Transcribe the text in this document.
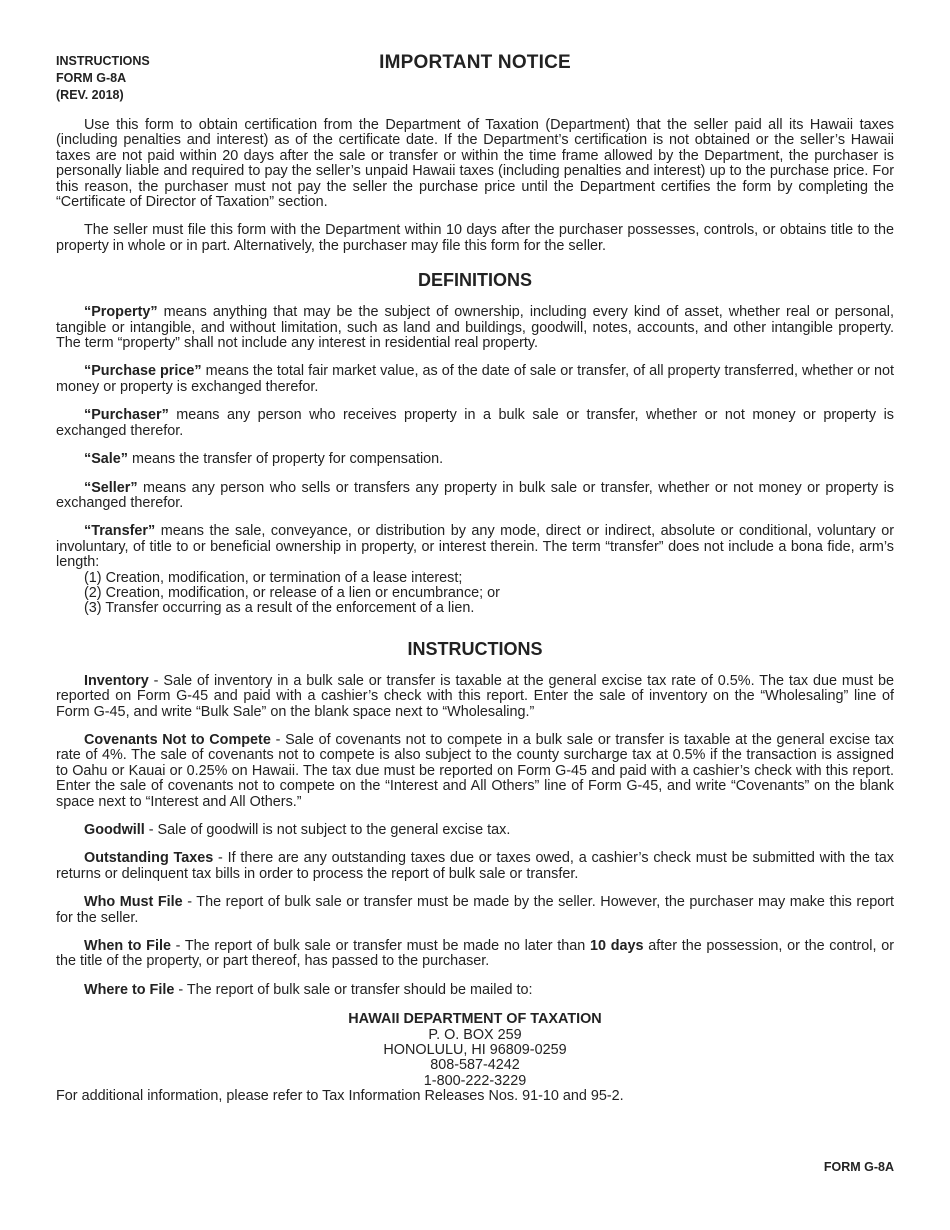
INSTRUCTIONS
FORM G-8A
(REV. 2018)
IMPORTANT NOTICE

Use this form to obtain certification from the Department of Taxation (Department) that the seller paid all its Hawaii taxes (including penalties and interest) as of the certificate date. If the Department’s certification is not obtained or the seller’s Hawaii taxes are not paid within 20 days after the sale or transfer or within the time frame allowed by the Department, the purchaser is personally liable and required to pay the seller’s unpaid Hawaii taxes (including penalties and interest) up to the purchase price. For this reason, the purchaser must not pay the seller the purchase price until the Department certifies the form by completing the “Certificate of Director of Taxation” section.

The seller must file this form with the Department within 10 days after the purchaser possesses, controls, or obtains title to the property in whole or in part. Alternatively, the purchaser may file this form for the seller.

DEFINITIONS

“Property” means anything that may be the subject of ownership, including every kind of asset, whether real or personal, tangible or intangible, and without limitation, such as land and buildings, goodwill, notes, accounts, and other intangible property. The term “property” shall not include any interest in residential real property.

“Purchase price” means the total fair market value, as of the date of sale or transfer, of all property transferred, whether or not money or property is exchanged therefor.

“Purchaser” means any person who receives property in a bulk sale or transfer, whether or not money or property is exchanged therefor.

“Sale” means the transfer of property for compensation.

“Seller” means any person who sells or transfers any property in bulk sale or transfer, whether or not money or property is exchanged therefor.

“Transfer” means the sale, conveyance, or distribution by any mode, direct or indirect, absolute or conditional, voluntary or involuntary, of title to or beneficial ownership in property, or interest therein. The term “transfer” does not include a bona fide, arm’s length:

(1) Creation, modification, or termination of a lease interest;
(2) Creation, modification, or release of a lien or encumbrance; or
(3) Transfer occurring as a result of the enforcement of a lien.
INSTRUCTIONS

Inventory - Sale of inventory in a bulk sale or transfer is taxable at the general excise tax rate of 0.5%. The tax due must be reported on Form G-45 and paid with a cashier’s check with this report. Enter the sale of inventory on the “Wholesaling” line of Form G-45, and write “Bulk Sale” on the blank space next to “Wholesaling.”

Covenants Not to Compete - Sale of covenants not to compete in a bulk sale or transfer is taxable at the general excise tax rate of 4%. The sale of covenants not to compete is also subject to the county surcharge tax at 0.5% if the transaction is assigned to Oahu or Kauai or 0.25% on Hawaii. The tax due must be reported on Form G-45 and paid with a cashier’s check with this report. Enter the sale of covenants not to compete on the “Interest and All Others” line of Form G-45, and write “Covenants” on the blank space next to “Interest and All Others.”

Goodwill - Sale of goodwill is not subject to the general excise tax.

Outstanding Taxes - If there are any outstanding taxes due or taxes owed, a cashier’s check must be submitted with the tax returns or delinquent tax bills in order to process the report of bulk sale or transfer.

Who Must File - The report of bulk sale or transfer must be made by the seller. However, the purchaser may make this report for the seller.

When to File - The report of bulk sale or transfer must be made no later than 10 days after the possession, or the control, or the title of the property, or part thereof, has passed to the purchaser.

Where to File - The report of bulk sale or transfer should be mailed to:

HAWAII DEPARTMENT OF TAXATION
P. O. BOX 259
HONOLULU, HI 96809-0259
808-587-4242
1-800-222-3229

For additional information, please refer to Tax Information Releases Nos. 91-10 and 95-2.

FORM G-8A
